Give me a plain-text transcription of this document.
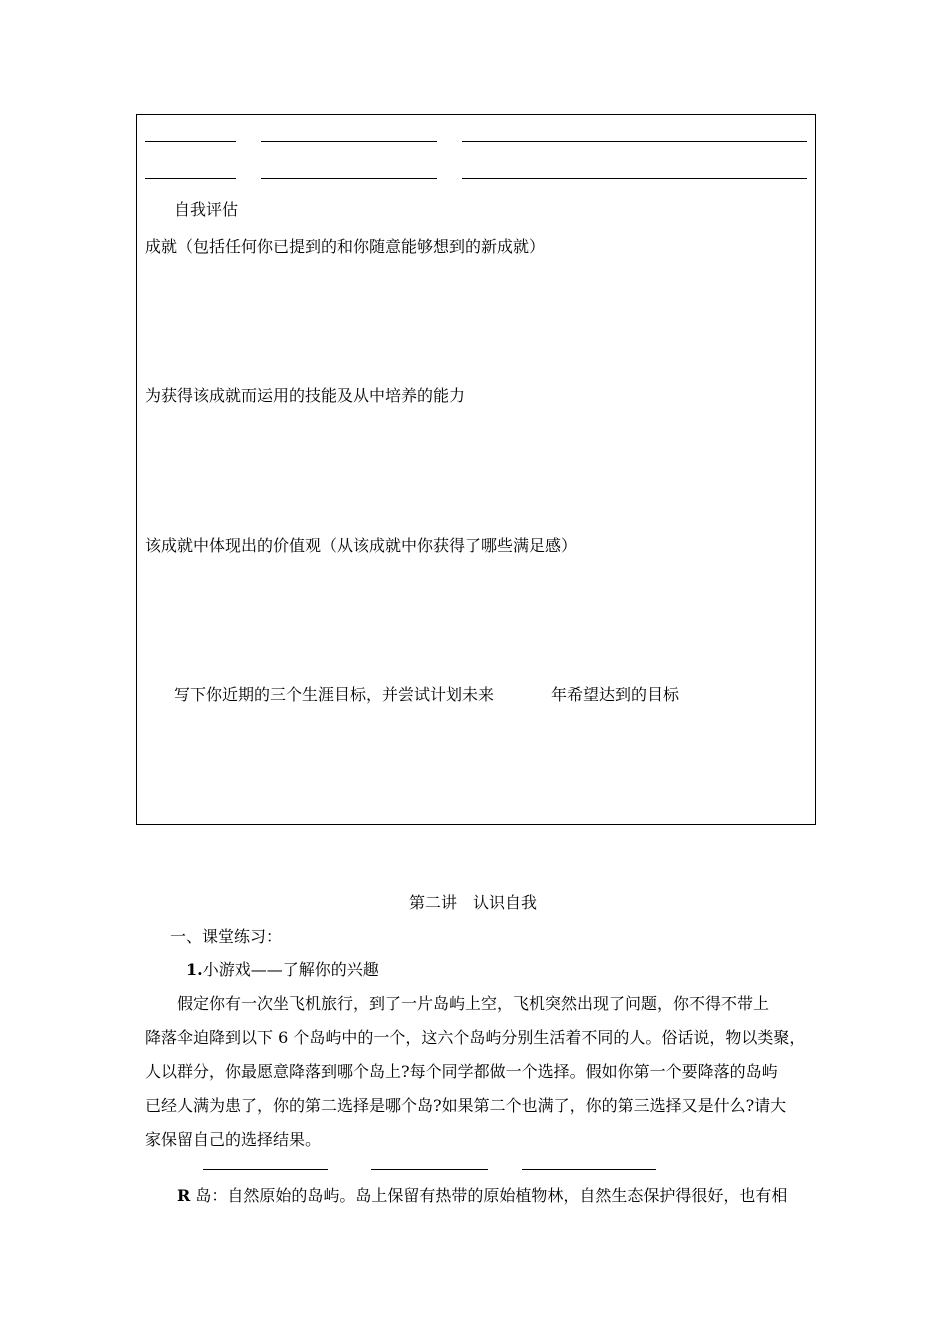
自我评估
成就（包括任何你已提到的和你随意能够想到的新成就）
为获得该成就而运用的技能及从中培养的能力
该成就中体现出的价值观（从该成就中你获得了哪些满足感）
写下你近期的三个生涯目标，并尝试计划未来	年希望达到的目标
第二讲　认识自我
一、课堂练习：
1.小游戏——了解你的兴趣
假定你有一次坐飞机旅行，到了一片岛屿上空，飞机突然出现了问题，你不得不带上
降落伞迫降到以下 6 个岛屿中的一个，这六个岛屿分别生活着不同的人。俗话说，物以类聚，
人以群分，你最愿意降落到哪个岛上?每个同学都做一个选择。假如你第一个要降落的岛屿
已经人满为患了，你的第二选择是哪个岛?如果第二个也满了，你的第三选择又是什么?请大
家保留自己的选择结果。
R 岛：自然原始的岛屿。岛上保留有热带的原始植物林，自然生态保护得很好，也有相
